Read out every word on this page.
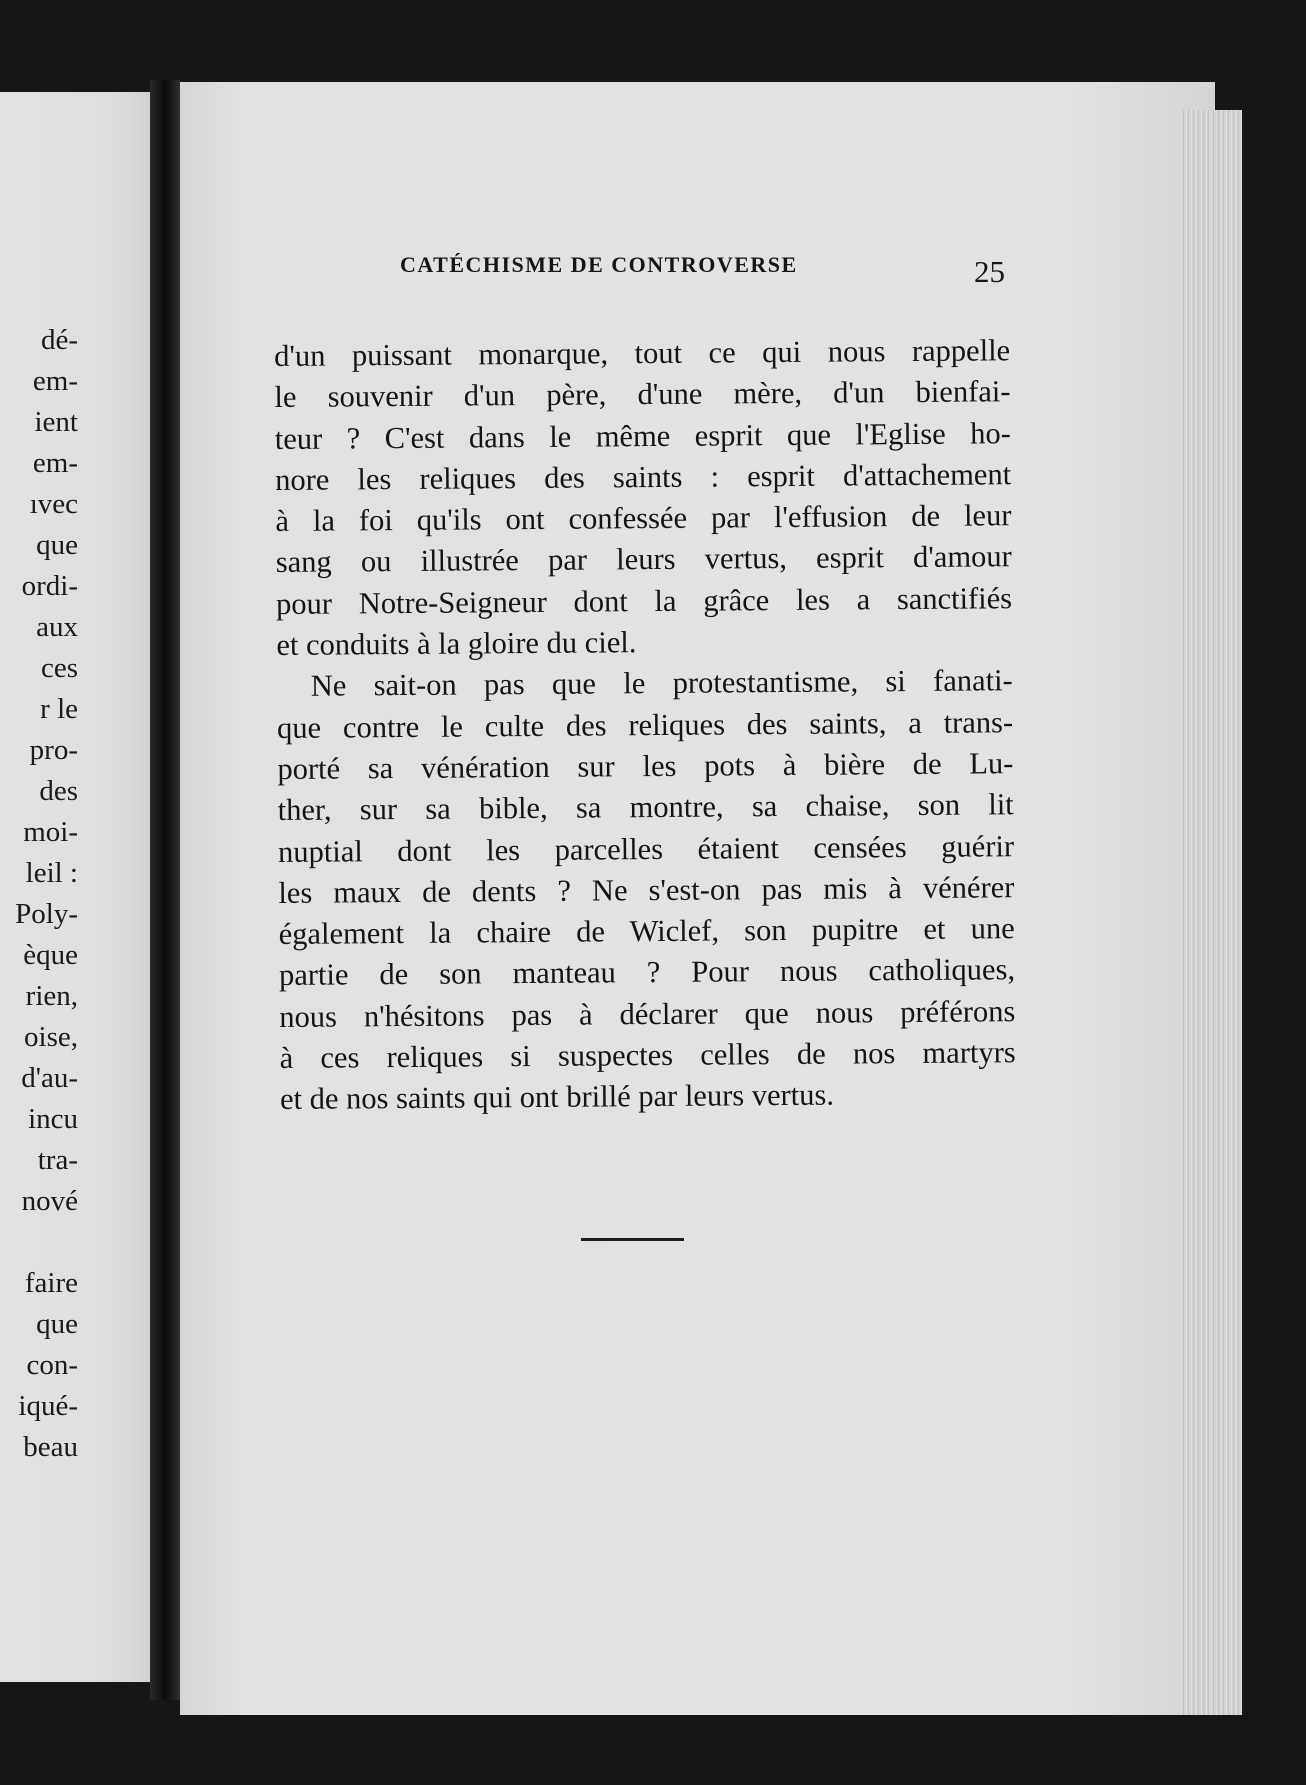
dé-
em-
ient
em-
ıvec
que
ordi-
aux
ces
r le
pro-
des
moi-
leil :
Poly-
èque
rien,
oise,
d'au-
incu
tra-
nové
faire
que
con-
iqué-
beau
CATÉCHISME DE CONTROVERSE	25
d'un puissant monarque, tout ce qui nous rappelle
le souvenir d'un père, d'une mère, d'un bienfai-
teur ? C'est dans le même esprit que l'Eglise ho-
nore les reliques des saints : esprit d'attachement
à la foi qu'ils ont confessée par l'effusion de leur
sang ou illustrée par leurs vertus, esprit d'amour
pour Notre-Seigneur dont la grâce les a sanctifiés
et conduits à la gloire du ciel.
Ne sait-on pas que le protestantisme, si fanati-
que contre le culte des reliques des saints, a trans-
porté sa vénération sur les pots à bière de Lu-
ther, sur sa bible, sa montre, sa chaise, son lit
nuptial dont les parcelles étaient censées guérir
les maux de dents ? Ne s'est-on pas mis à vénérer
également la chaire de Wiclef, son pupitre et une
partie de son manteau ? Pour nous catholiques,
nous n'hésitons pas à déclarer que nous préférons
à ces reliques si suspectes celles de nos martyrs
et de nos saints qui ont brillé par leurs vertus.
